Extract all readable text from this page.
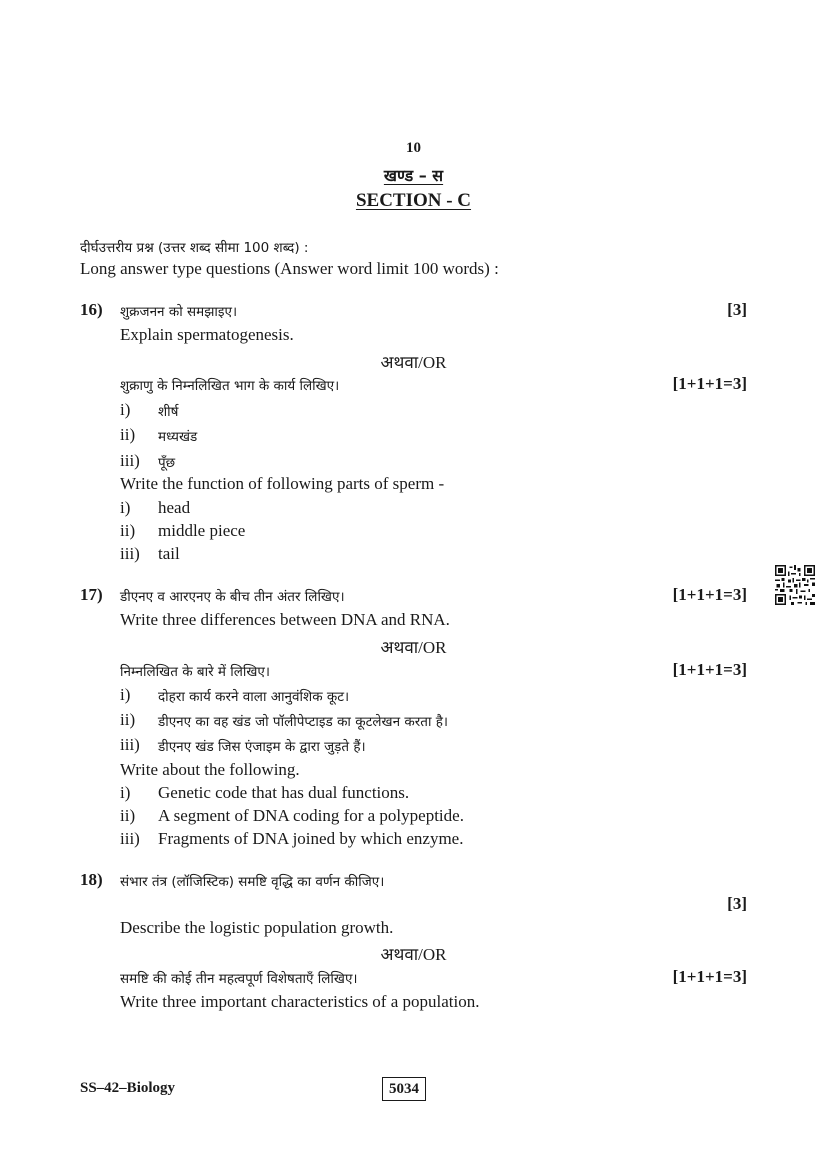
10
खण्ड – स
SECTION - C
दीर्घउत्तरीय प्रश्न (उत्तर शब्द सीमा 100 शब्द) :
Long answer type questions (Answer word limit 100 words) :
16) शुक्रजनन को समझाइए।	[3]
Explain spermatogenesis.
अथवा/OR
शुक्राणु के निम्नलिखित भाग के कार्य लिखिए।	[1+1+1=3]
i) शीर्ष
ii) मध्यखंड
iii) पूँछ
Write the function of following parts of sperm -
i) head
ii) middle piece
iii) tail
17) डीएनए व आरएनए के बीच तीन अंतर लिखिए।	[1+1+1=3]
Write three differences between DNA and RNA.
अथवा/OR
निम्नलिखित के बारे में लिखिए।	[1+1+1=3]
i) दोहरा कार्य करने वाला आनुवंशिक कूट।
ii) डीएनए का वह खंड जो पॉलीपेप्टाइड का कूटलेखन करता है।
iii) डीएनए खंड जिस एंजाइम के द्वारा जुड़ते हैं।
Write about the following.
i) Genetic code that has dual functions.
ii) A segment of DNA coding for a polypeptide.
iii) Fragments of DNA joined by which enzyme.
18) संभार तंत्र (लॉजिस्टिक) समष्टि वृद्धि का वर्णन कीजिए।
[3]
Describe the logistic population growth.
अथवा/OR
समष्टि की कोई तीन महत्वपूर्ण विशेषताएँ लिखिए।	[1+1+1=3]
Write three important characteristics of a population.
SS–42–Biology	5034
